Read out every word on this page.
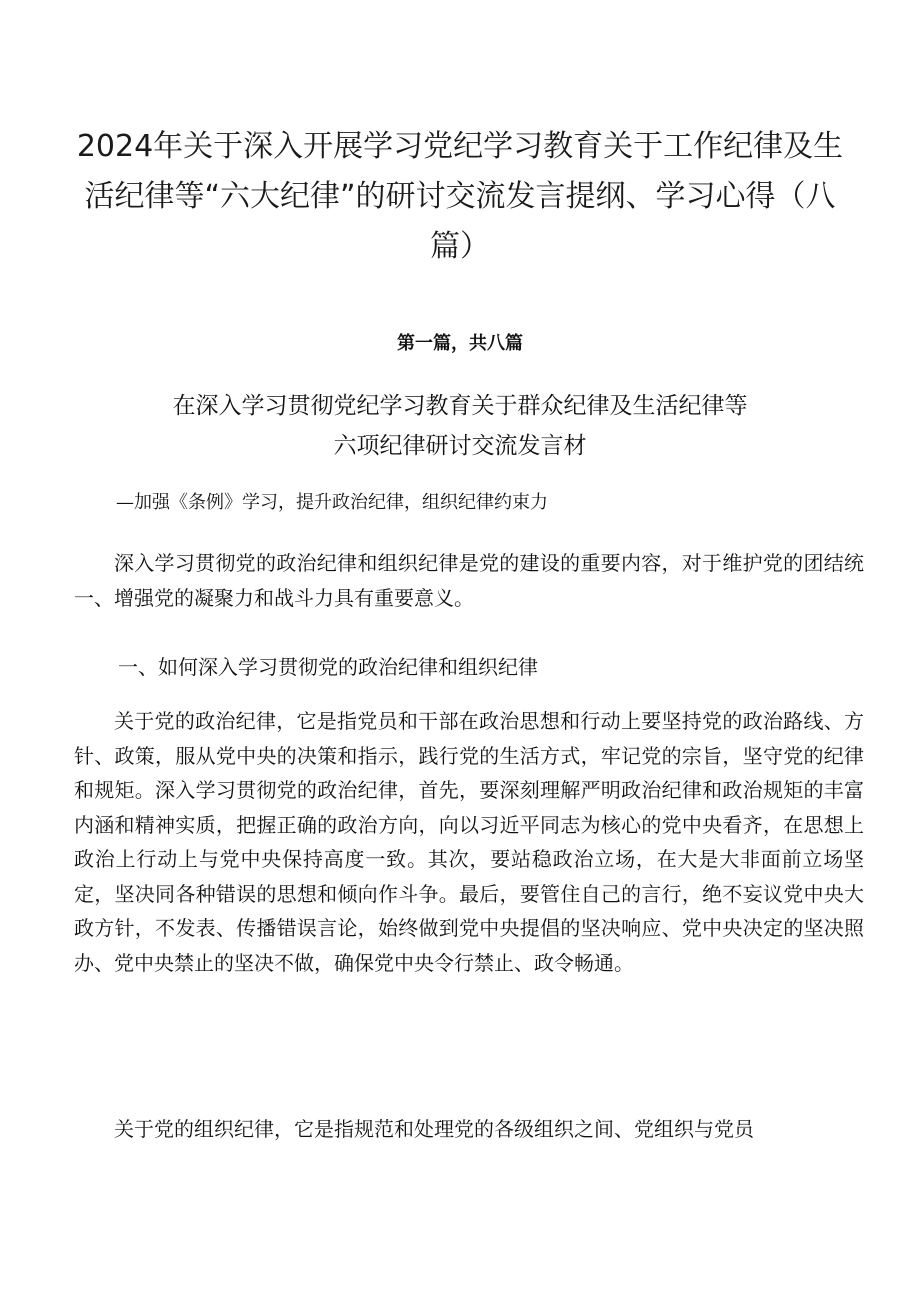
2024年关于深入开展学习党纪学习教育关于工作纪律及生活纪律等“六大纪律”的研讨交流发言提纲、学习心得（八篇）
第一篇，共八篇
在深入学习贯彻党纪学习教育关于群众纪律及生活纪律等
六项纪律研讨交流发言材
—加强《条例》学习，提升政治纪律，组织纪律约束力

深入学习贯彻党的政治纪律和组织纪律是党的建设的重要内容，对于维护党的团结统一、增强党的凝聚力和战斗力具有重要意义。

一、如何深入学习贯彻党的政治纪律和组织纪律

关于党的政治纪律，它是指党员和干部在政治思想和行动上要坚持党的政治路线、方针、政策，服从党中央的决策和指示，践行党的生活方式，牢记党的宗旨，坚守党的纪律和规矩。深入学习贯彻党的政治纪律，首先，要深刻理解严明政治纪律和政治规矩的丰富内涵和精神实质，把握正确的政治方向，向以习近平同志为核心的党中央看齐，在思想上政治上行动上与党中央保持高度一致。其次，要站稳政治立场，在大是大非面前立场坚定，坚决同各种错误的思想和倾向作斗争。最后，要管住自己的言行，绝不妄议党中央大政方针，不发表、传播错误言论，始终做到党中央提倡的坚决响应、党中央决定的坚决照办、党中央禁止的坚决不做，确保党中央令行禁止、政令畅通。

关于党的组织纪律，它是指规范和处理党的各级组织之间、党组织与党员
